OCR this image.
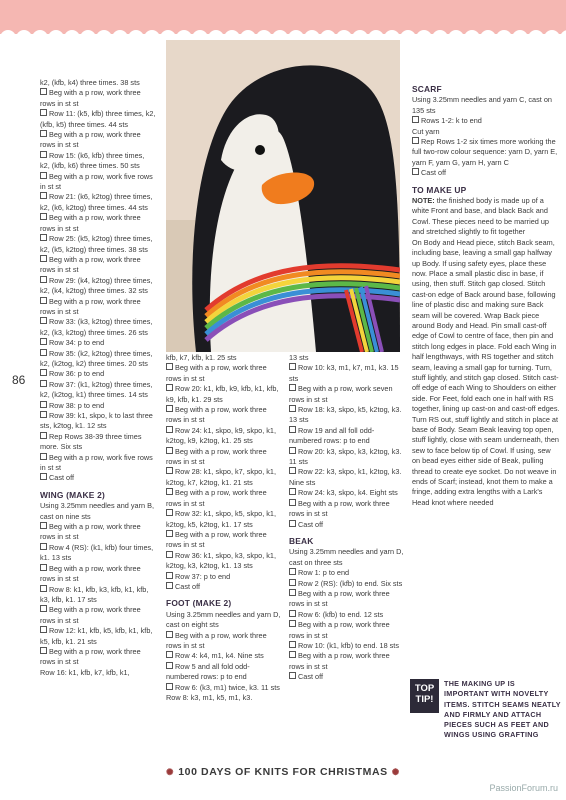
k2, (kfb, k4) three times. 38 sts

Beg with a p row, work three rows in st st

Row 11: (k5, kfb) three times, k2, (kfb, k5) three times. 44 sts

Beg with a p row, work three rows in st st

Row 15: (k6, kfb) three times, k2, (kfb, k6) three times. 50 sts

Beg with a p row, work five rows in st st

Row 21: (k6, k2tog) three times, k2, (k6, k2tog) three times. 44 sts

Beg with a p row, work three rows in st st

Row 25: (k5, k2tog) three times, k2, (k5, k2tog) three times. 38 sts

Beg with a p row, work three rows in st st

Row 29: (k4, k2tog) three times, k2, (k4, k2tog) three times. 32 sts

Beg with a p row, work three rows in st st

Row 33: (k3, k2tog) three times, k2, (k3, k2tog) three times. 26 sts

Row 34: p to end

Row 35: (k2, k2tog) three times, k2, (k2tog, k2) three times. 20 sts

Row 36: p to end

Row 37: (k1, k2tog) three times, k2, (k2tog, k1) three times. 14 sts

Row 38: p to end

Row 39: k1, skpo, k to last three sts, k2tog, k1. 12 sts

Rep Rows 38-39 three times more. Six sts

Beg with a p row, work five rows in st st

Cast off

WING (MAKE 2)

Using 3.25mm needles and yarn B, cast on nine sts

Beg with a p row, work three rows in st st

Row 4 (RS): (k1, kfb) four times, k1. 13 sts

Beg with a p row, work three rows in st st

Row 8: k1, kfb, k3, kfb, k1, kfb, k3, kfb, k1. 17 sts

Beg with a p row, work three rows in st st

Row 12: k1, kfb, k5, kfb, k1, kfb, k5, kfb, k1. 21 sts

Beg with a p row, work three rows in st st

Row 16: k1, kfb, k7, kfb, k1,

kfb, k7, kfb, k1. 25 sts

Beg with a p row, work three rows in st st

Row 20: k1, kfb, k9, kfb, k1, kfb, k9, kfb, k1. 29 sts

Beg with a p row, work three rows in st st

Row 24: k1, skpo, k9, skpo, k1, k2tog, k9, k2tog, k1. 25 sts

Beg with a p row, work three rows in st st

Row 28: k1, skpo, k7, skpo, k1, k2tog, k7, k2tog, k1. 21 sts

Beg with a p row, work three rows in st st

Row 32: k1, skpo, k5, skpo, k1, k2tog, k5, k2tog, k1. 17 sts

Beg with a p row, work three rows in st st

Row 36: k1, skpo, k3, skpo, k1, k2tog, k3, k2tog, k1. 13 sts

Row 37: p to end

Cast off

FOOT (MAKE 2)

Using 3.25mm needles and yarn D, cast on eight sts

Beg with a p row, work three rows in st st

Row 4: k4, m1, k4. Nine sts

Row 5 and all fold odd-numbered rows: p to end

Row 6: (k3, m1) twice, k3. 11 sts

Row 8: k3, m1, k5, m1, k3.

13 sts

Row 10: k3, m1, k7, m1, k3. 15 sts

Beg with a p row, work seven rows in st st

Row 18: k3, skpo, k5, k2tog, k3. 13 sts

Row 19 and all foll odd-numbered rows: p to end

Row 20: k3, skpo, k3, k2tog, k3. 11 sts

Row 22: k3, skpo, k1, k2tog, k3. Nine sts

Row 24: k3, skpo, k4. Eight sts

Beg with a p row, work three rows in st st

Cast off

BEAK

Using 3.25mm needles and yarn D, cast on three sts

Row 1: p to end

Row 2 (RS): (kfb) to end. Six sts

Beg with a p row, work three rows in st st

Row 6: (kfb) to end. 12 sts

Beg with a p row, work three rows in st st

Row 10: (k1, kfb) to end. 18 sts

Beg with a p row, work three rows in st st

Cast off

SCARF

Using 3.25mm needles and yarn C, cast on 135 sts

Rows 1-2: k to end

Cut yarn

Rep Rows 1-2 six times more working the full two-row colour sequence: yarn D, yarn E, yarn F, yarn G, yarn H, yarn C

Cast off

TO MAKE UP

NOTE: the finished body is made up of a white Front and base, and black Back and Cowl. These pieces need to be married up and stretched slightly to fit together

On Body and Head piece, stitch Back seam, including base, leaving a small gap halfway up Body. If using safety eyes, place these now. Place a small plastic disc in base, if using, then stuff. Stitch gap closed. Stitch cast-on edge of Back around base, following line of plastic disc and making sure Back seam will be covered. Wrap Back piece around Body and Head. Pin small cast-off edge of Cowl to centre of face, then pin and stitch long edges in place. Fold each Wing in half lengthways, with RS together and stitch seam, leaving a small gap for turning. Turn, stuff lightly, and stitch gap closed. Stitch cast-off edge of each Wing to Shoulders on either side. For Feet, fold each one in half with RS together, lining up cast-on and cast-off edges. Turn RS out, stuff lightly and stitch in place at base of Body. Seam Beak leaving top open, stuff lightly, close with seam underneath, then sew to face below tip of Cowl. If using, sew on bead eyes either side of Beak, pulling thread to create eye socket. Do not weave in ends of Scarf; instead, knot them to make a fringe, adding extra lengths with a Lark's Head knot where needed

86
TOP
TIP!
THE MAKING UP IS IMPORTANT WITH NOVELTY ITEMS. STITCH SEAMS NEATLY AND FIRMLY AND ATTACH PIECES SUCH AS FEET AND WINGS USING GRAFTING
✺ 100 DAYS OF KNITS FOR CHRISTMAS ✺
PassionForum.ru
